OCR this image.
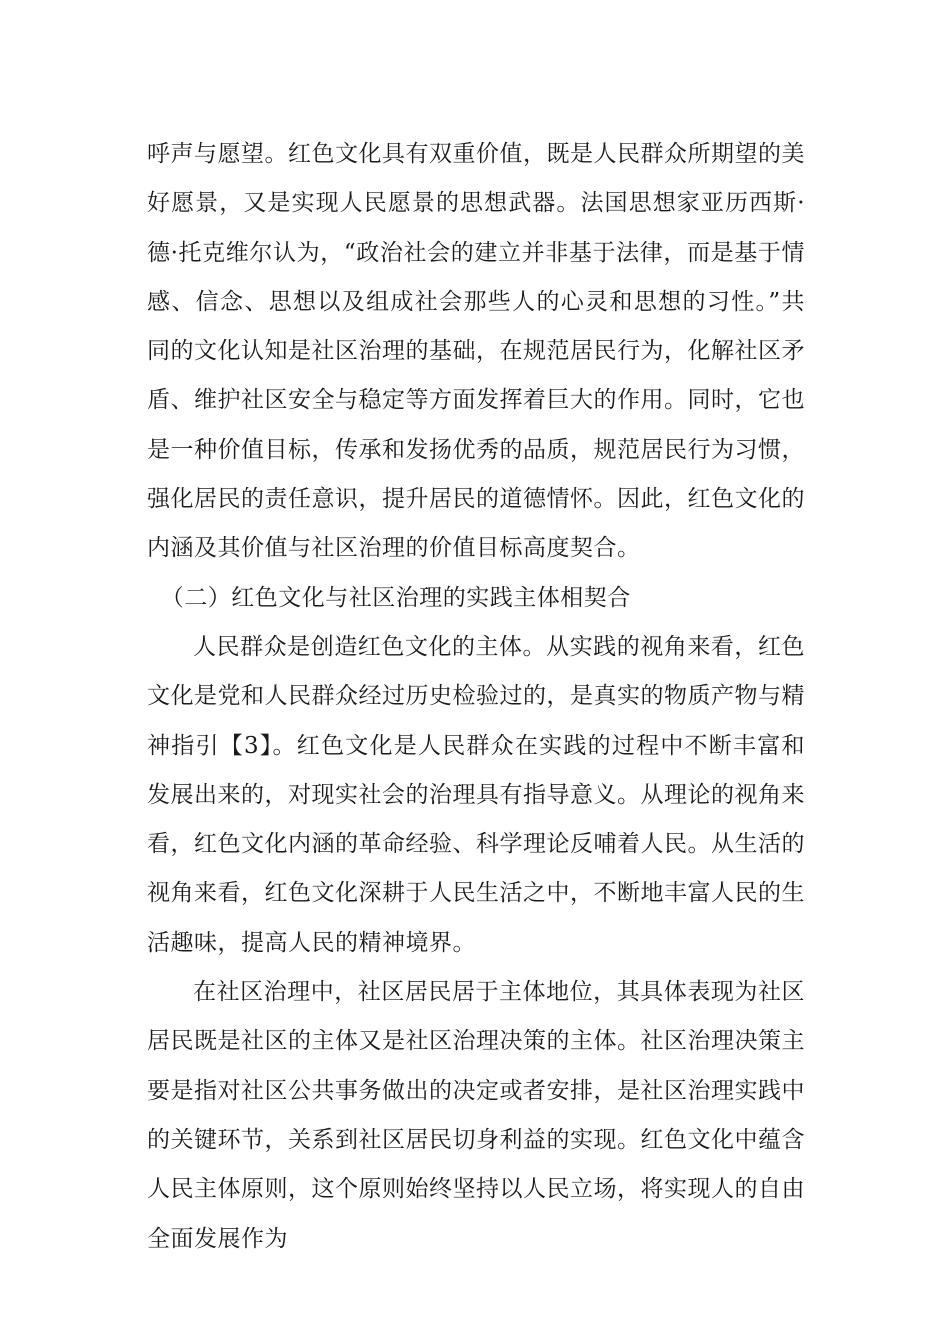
呼声与愿望。红色文化具有双重价值，既是人民群众所期望的美好愿景，又是实现人民愿景的思想武器。法国思想家亚历西斯·德·托克维尔认为，“政治社会的建立并非基于法律，而是基于情感、信念、思想以及组成社会那些人的心灵和思想的习性。”共同的文化认知是社区治理的基础，在规范居民行为，化解社区矛盾、维护社区安全与稳定等方面发挥着巨大的作用。同时，它也是一种价值目标，传承和发扬优秀的品质，规范居民行为习惯，强化居民的责任意识，提升居民的道德情怀。因此，红色文化的内涵及其价值与社区治理的价值目标高度契合。

（二）红色文化与社区治理的实践主体相契合

人民群众是创造红色文化的主体。从实践的视角来看，红色文化是党和人民群众经过历史检验过的，是真实的物质产物与精神指引【3】。红色文化是人民群众在实践的过程中不断丰富和发展出来的，对现实社会的治理具有指导意义。从理论的视角来看，红色文化内涵的革命经验、科学理论反哺着人民。从生活的视角来看，红色文化深耕于人民生活之中，不断地丰富人民的生活趣味，提高人民的精神境界。

在社区治理中，社区居民居于主体地位，其具体表现为社区居民既是社区的主体又是社区治理决策的主体。社区治理决策主要是指对社区公共事务做出的决定或者安排，是社区治理实践中的关键环节，关系到社区居民切身利益的实现。红色文化中蕴含人民主体原则，这个原则始终坚持以人民立场，将实现人的自由全面发展作为
